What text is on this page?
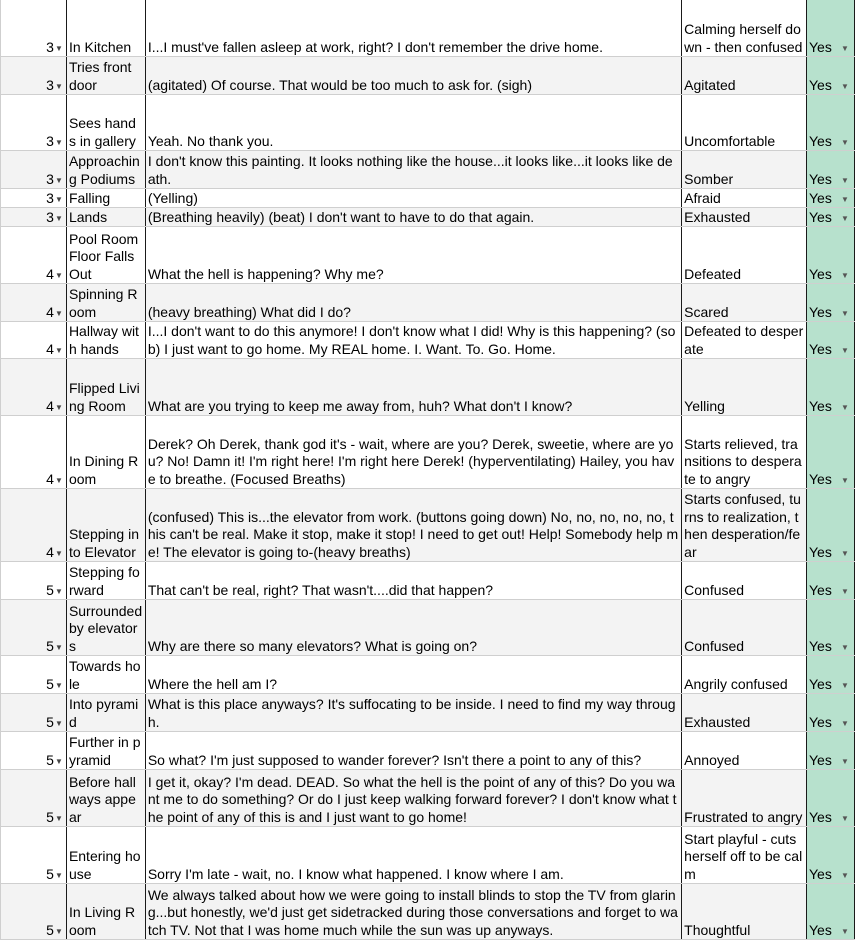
3 ▼	In Kitchen	I...I must've fallen asleep at work, right? I don't remember the drive home.	Calming herself down - then confused	Yes ▼

3 ▼	Tries front door	(agitated) Of course. That would be too much to ask for. (sigh)	Agitated	Yes ▼

3 ▼	Sees hands in gallery	Yeah. No thank you.	Uncomfortable	Yes ▼

3 ▼	Approaching Podiums	I don't know this painting. It looks nothing like the house...it looks like...it looks like death.	Somber	Yes ▼

3 ▼	Falling	(Yelling)	Afraid	Yes ▼

3 ▼	Lands	(Breathing heavily) (beat) I don't want to have to do that again.	Exhausted	Yes ▼

4 ▼	Pool Room Floor Falls Out	What the hell is happening? Why me?	Defeated	Yes ▼

4 ▼	Spinning Room	(heavy breathing) What did I do?	Scared	Yes ▼

4 ▼	Hallway with hands	I...I don't want to do this anymore! I don't know what I did! Why is this happening? (sob) I just want to go home. My REAL home. I. Want. To. Go. Home.	Defeated to desperate	Yes ▼

4 ▼	Flipped Living Room	What are you trying to keep me away from, huh? What don't I know?	Yelling	Yes ▼

4 ▼	In Dining Room	Derek? Oh Derek, thank god it's - wait, where are you? Derek, sweetie, where are you? No! Damn it! I'm right here! I'm right here Derek! (hyperventilating) Hailey, you have to breathe. (Focused Breaths)	Starts relieved, transitions to desperate to angry	Yes ▼

4 ▼	Stepping into Elevator	(confused) This is...the elevator from work. (buttons going down) No, no, no, no, no, this can't be real. Make it stop, make it stop! I need to get out! Help! Somebody help me! The elevator is going to-(heavy breaths)	Starts confused, turns to realization, then desperation/fear	Yes ▼

5 ▼	Stepping forward	That can't be real, right? That wasn't....did that happen?	Confused	Yes ▼

5 ▼	Surrounded by elevators	Why are there so many elevators? What is going on?	Confused	Yes ▼

5 ▼	Towards hole	Where the hell am I?	Angrily confused	Yes ▼

5 ▼	Into pyramid	What is this place anyways? It's suffocating to be inside. I need to find my way through.	Exhausted	Yes ▼

5 ▼	Further in pyramid	So what? I'm just supposed to wander forever? Isn't there a point to any of this?	Annoyed	Yes ▼

5 ▼	Before hallways appear	I get it, okay? I'm dead. DEAD. So what the hell is the point of any of this? Do you want me to do something? Or do I just keep walking forward forever? I don't know what the point of any of this is and I just want to go home!	Frustrated to angry	Yes ▼

5 ▼	Entering house	Sorry I'm late - wait, no. I know what happened. I know where I am.	Start playful - cuts herself off to be calm	Yes ▼

5 ▼	In Living Room	We always talked about how we were going to install blinds to stop the TV from glaring...but honestly, we'd just get sidetracked during those conversations and forget to watch TV. Not that I was home much while the sun was up anyways.	Thoughtful	Yes ▼
